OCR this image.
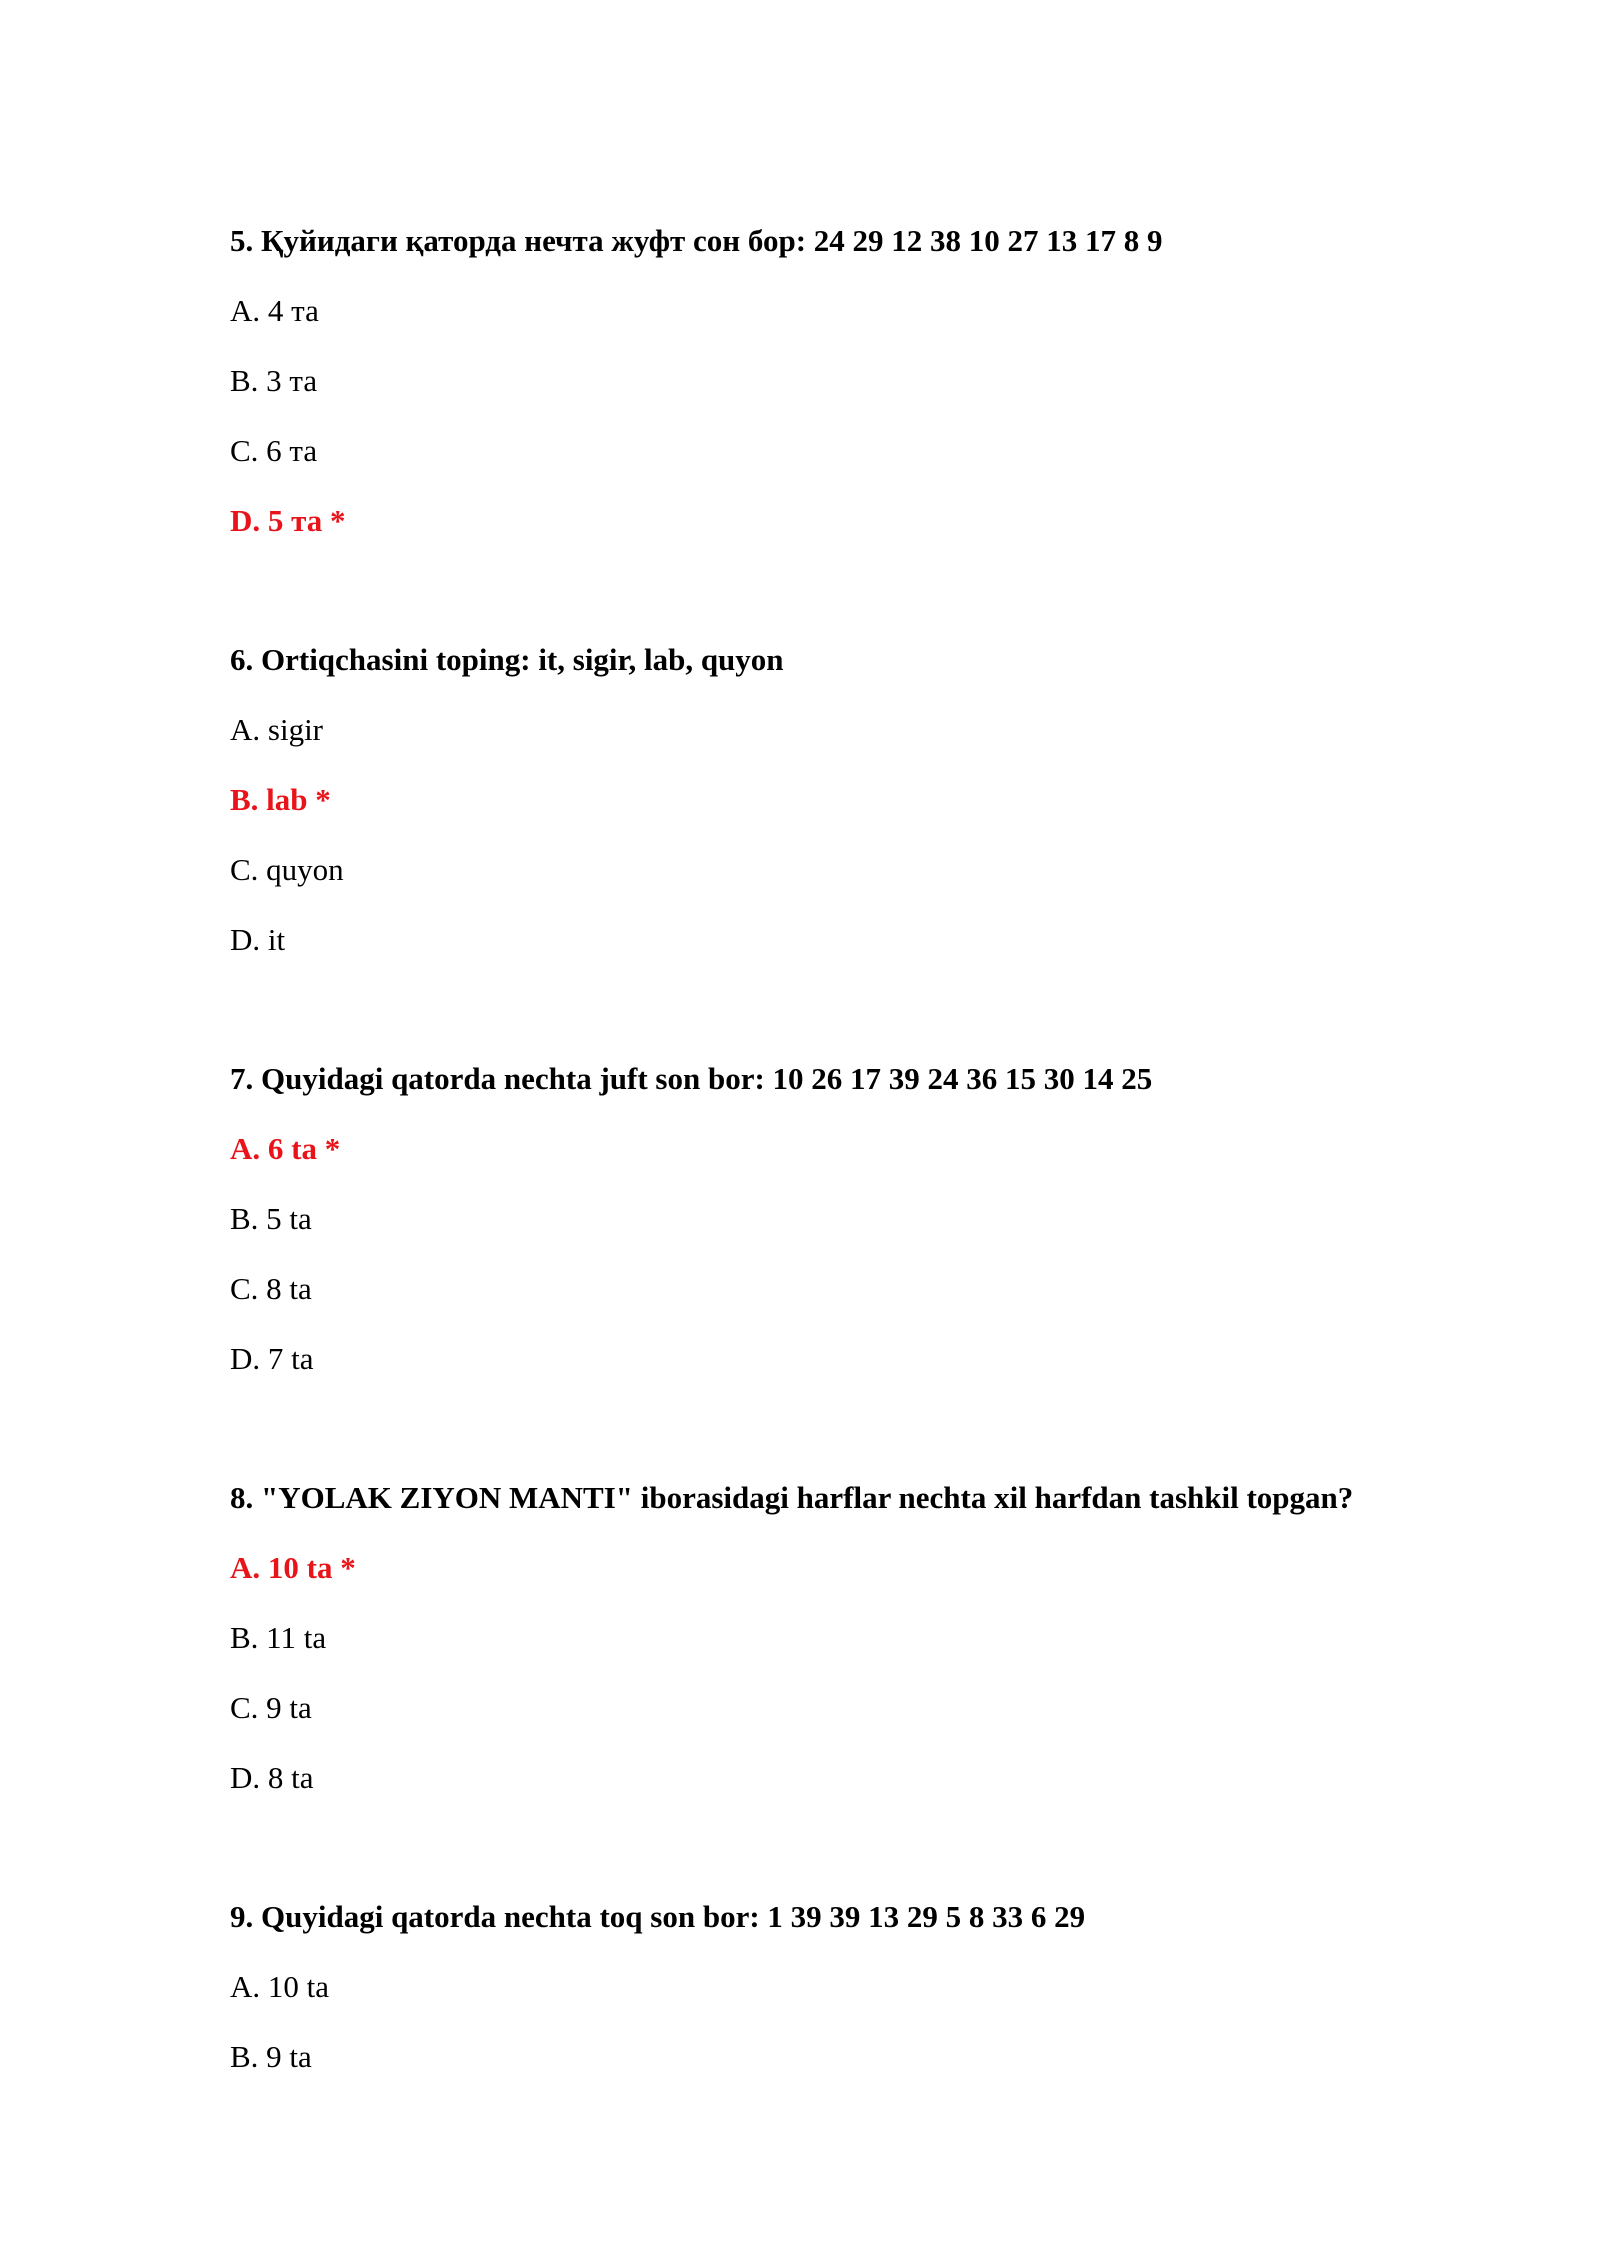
5. Қуйидаги қаторда нечта жуфт сон бор: 24 29 12 38 10 27 13 17 8 9
A. 4 та
B. 3 та
C. 6 та
D. 5 та *
6. Ortiqchasini toping: it, sigir, lab, quyon
A. sigir
B. lab *
C. quyon
D. it
7. Quyidagi qatorda nechta juft son bor: 10 26 17 39 24 36 15 30 14 25
A. 6 ta *
B. 5 ta
C. 8 ta
D. 7 ta
8. "YOLAK ZIYON MANTI" iborasidagi harflar nechta xil harfdan tashkil topgan?
A. 10 ta *
B. 11 ta
C. 9 ta
D. 8 ta
9. Quyidagi qatorda nechta toq son bor: 1 39 39 13 29 5 8 33 6 29
A. 10 ta
B. 9 ta
